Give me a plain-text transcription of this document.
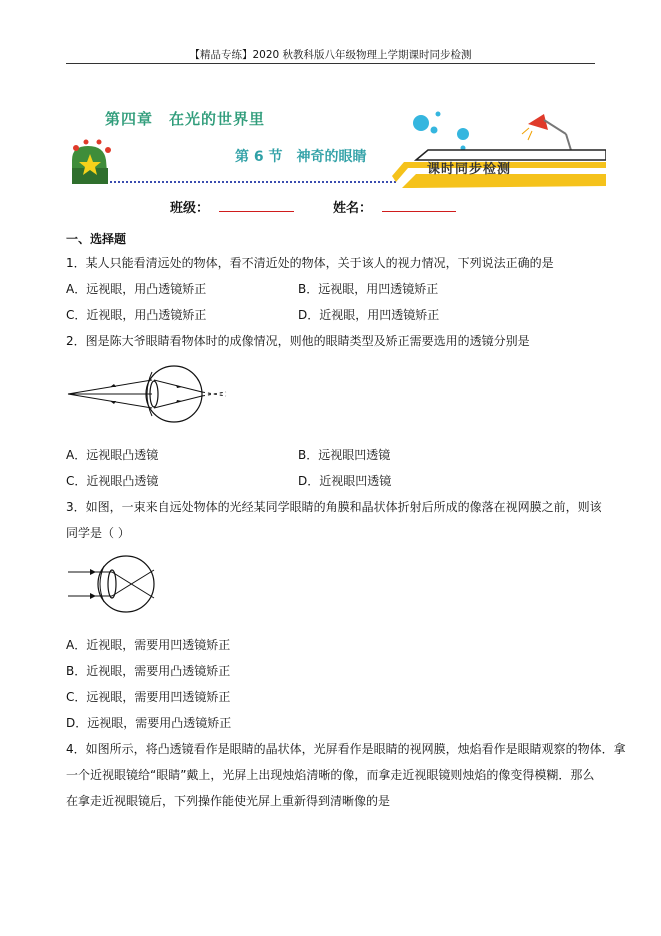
【精品专练】2020 秋教科版八年级物理上学期课时同步检测
第四章　在光的世界里
第 6 节　神奇的眼睛
课时同步检测
班级：	姓名：
一、选择题
1．某人只能看清远处的物体，看不清近处的物体，关于该人的视力情况，下列说法正确的是
A．远视眼，用凸透镜矫正	B．远视眼，用凹透镜矫正
C．近视眼，用凸透镜矫正	D．近视眼，用凹透镜矫正
2．图是陈大爷眼睛看物体时的成像情况，则他的眼睛类型及矫正需要选用的透镜分别是
A．远视眼凸透镜	B．远视眼凹透镜
C．近视眼凸透镜	D．近视眼凹透镜
3．如图，一束来自远处物体的光经某同学眼睛的角膜和晶状体折射后所成的像落在视网膜之前，则该
同学是（ ）
A．近视眼，需要用凹透镜矫正
B．近视眼，需要用凸透镜矫正
C．远视眼，需要用凹透镜矫正
D．远视眼，需要用凸透镜矫正
4．如图所示，将凸透镜看作是眼睛的晶状体，光屏看作是眼睛的视网膜，烛焰看作是眼睛观察的物体．拿
一个近视眼镜给“眼睛”戴上，光屏上出现烛焰清晰的像，而拿走近视眼镜则烛焰的像变得模糊．那么
在拿走近视眼镜后，下列操作能使光屏上重新得到清晰像的是
